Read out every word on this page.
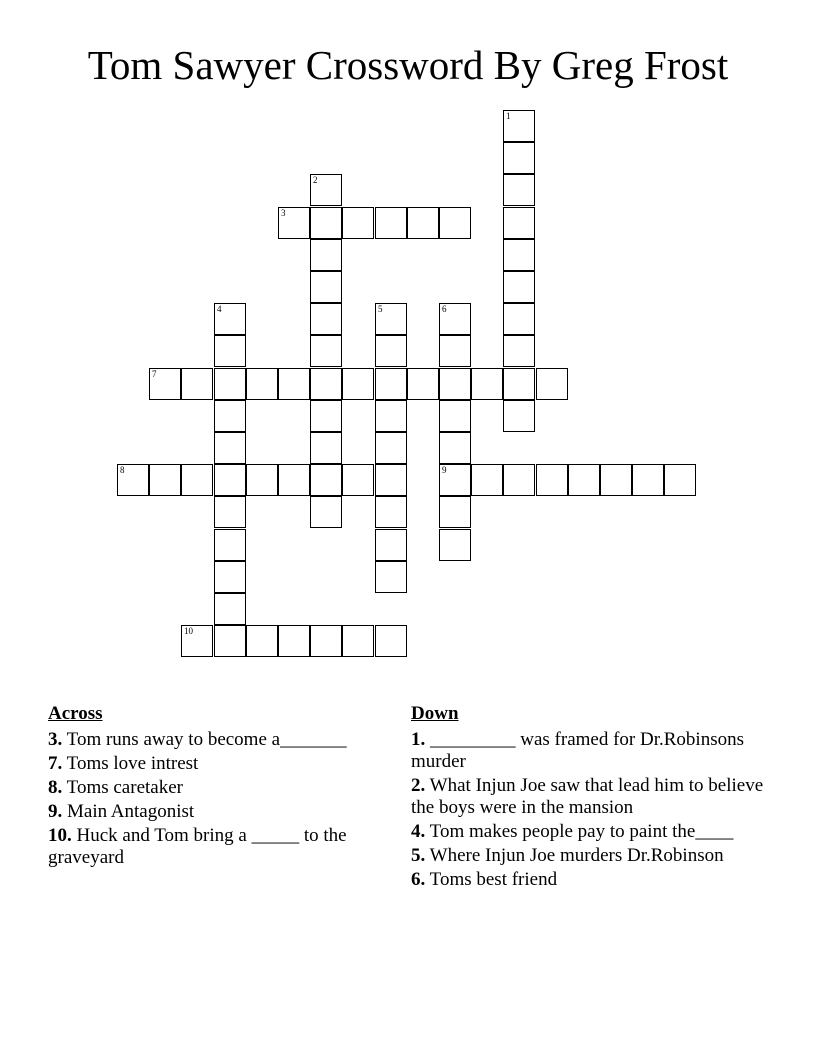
Tom Sawyer Crossword By Greg Frost
1
2
3
4	5	6
9
7
8
10
Across
3. Tom runs away to become a_______
7. Toms love intrest
8. Toms caretaker
9. Main Antagonist
10. Huck and Tom bring a _____ to the graveyard
Down
1. _________ was framed for Dr.Robinsons murder
2. What Injun Joe saw that lead him to believe the boys were in the mansion
4. Tom makes people pay to paint the____
5. Where Injun Joe murders Dr.Robinson
6. Toms best friend
